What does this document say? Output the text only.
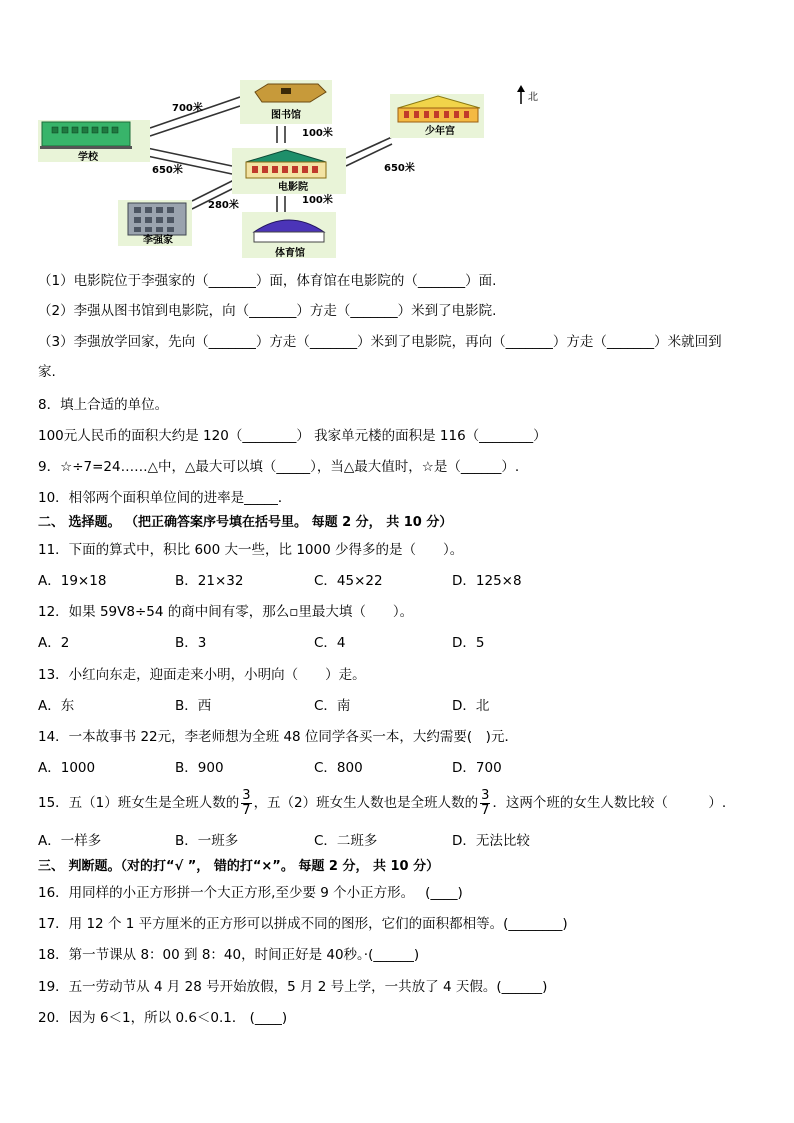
图书馆
学校
电影院
少年宫
李强家
体育馆
700米
100米
650米	650米
280米	100米
北
（1）电影院位于李强家的（_______）面，体育馆在电影院的（_______）面.
（2）李强从图书馆到电影院，向（_______）方走（_______）米到了电影院.
（3）李强放学回家，先向（_______）方走（_______）米到了电影院，再向（_______）方走（_______）米就回到
家.
8．填上合适的单位。
100元人民币的面积大约是 120（________） 我家单元楼的面积是 116（________）
9．☆÷7=24……△中，△最大可以填（_____），当△最大值时，☆是（______）.
10．相邻两个面积单位间的进率是_____．
二、 选择题。 （把正确答案序号填在括号里。 每题 2 分， 共 10 分）
11．下面的算式中，积比 600 大一些，比 1000 少得多的是（　　）。
A．19×18	B．21×32	C．45×22	D．125×8
12．如果 59Ⅴ8÷54 的商中间有零，那么▫里最大填（　　）。
A．2	B．3	C．4	D．5
13．小红向东走，迎面走来小明，小明向（　　）走。
A．东	B．西	C．南	D．北
14．一本故事书 22元，李老师想为全班 48 位同学各买一本，大约需要(　)元．
A．1000	B．900	C．800	D．700
15．五（1）班女生是全班人数的 $\frac{3}{7}$ ，五（2）班女生人数也是全班人数的 $\frac{3}{7}$ ．这两个班的女生人数比较（　　　）.
A．一样多	B．一班多	C．二班多	D．无法比较
三、 判断题。（对的打“√ ”， 错的打“×”。 每题 2 分， 共 10 分）
16．用同样的小正方形拼一个大正方形,至少要 9 个小正方形。　 (____)
17．用 12 个 1 平方厘米的正方形可以拼成不同的图形，它们的面积都相等。(________)
18．第一节课从 8：00 到 8：40，时间正好是 40秒。·(______)
19．五一劳动节从 4 月 28 号开始放假，5 月 2 号上学，一共放了 4 天假。(______)
20．因为 6＜1，所以 0.6＜0.1． (____)
